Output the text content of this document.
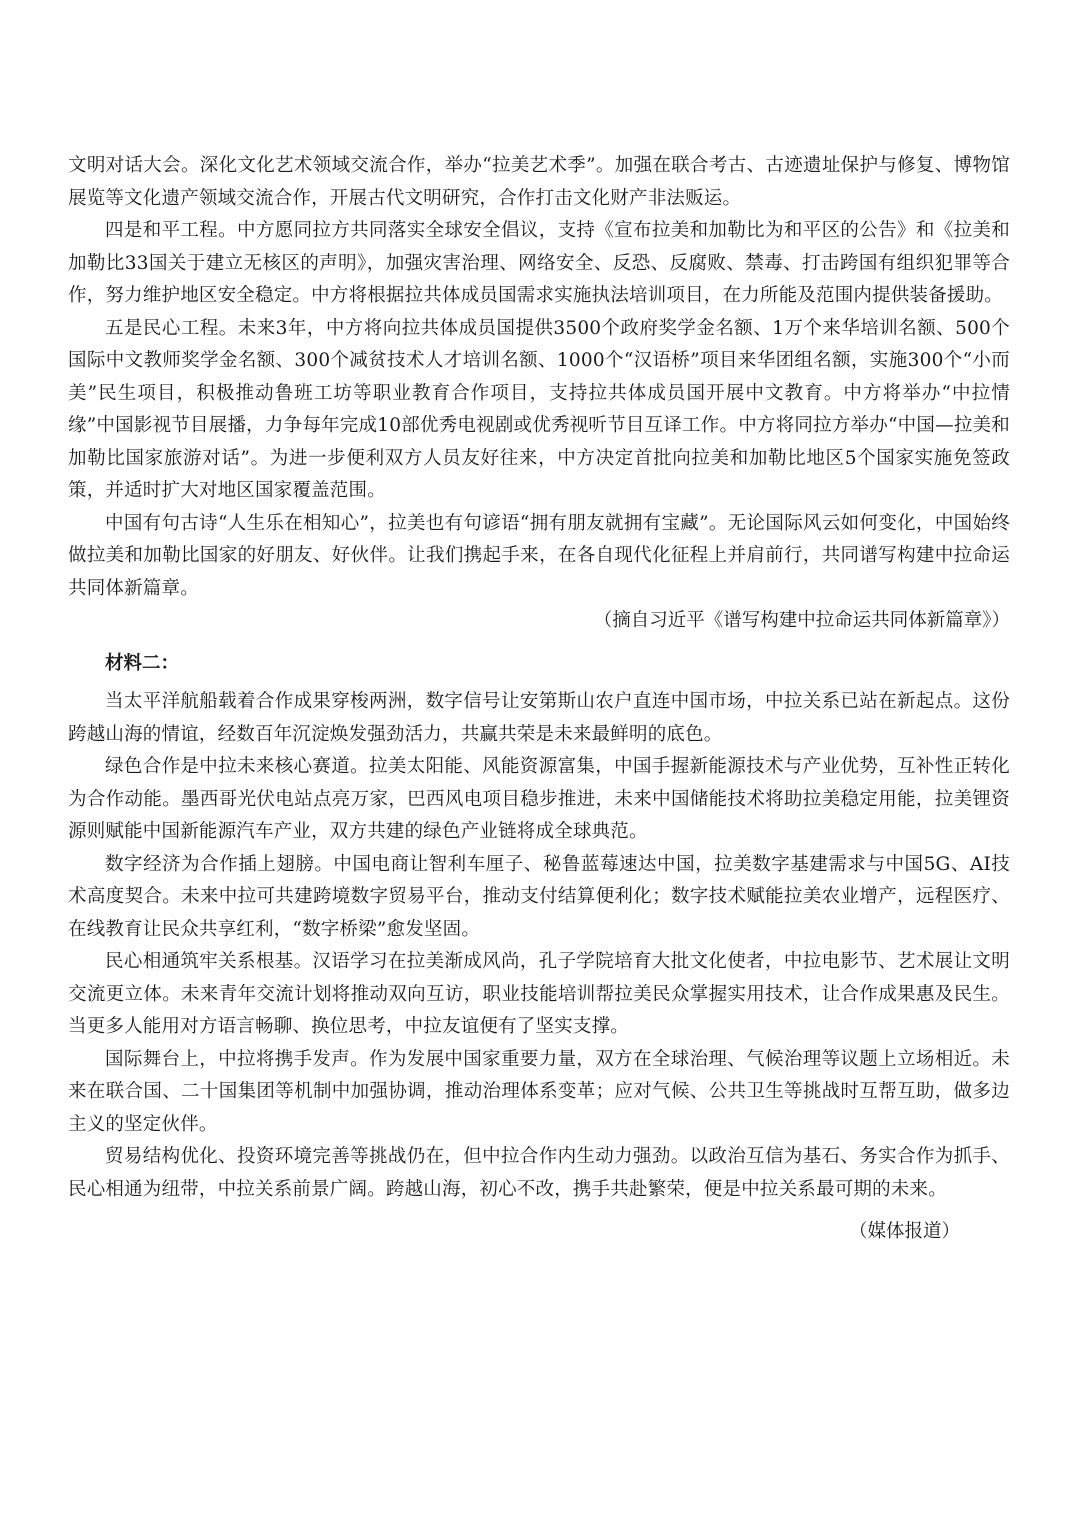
文明对话大会。深化文化艺术领域交流合作，举办“拉美艺术季”。加强在联合考古、古迹遗址保护与修复、博物馆展览等文化遗产领域交流合作，开展古代文明研究，合作打击文化财产非法贩运。

四是和平工程。中方愿同拉方共同落实全球安全倡议，支持《宣布拉美和加勒比为和平区的公告》和《拉美和加勒比33国关于建立无核区的声明》，加强灾害治理、网络安全、反恐、反腐败、禁毒、打击跨国有组织犯罪等合作，努力维护地区安全稳定。中方将根据拉共体成员国需求实施执法培训项目，在力所能及范围内提供装备援助。

五是民心工程。未来3年，中方将向拉共体成员国提供3500个政府奖学金名额、1万个来华培训名额、500个国际中文教师奖学金名额、300个减贫技术人才培训名额、1000个“汉语桥”项目来华团组名额，实施300个“小而美”民生项目，积极推动鲁班工坊等职业教育合作项目，支持拉共体成员国开展中文教育。中方将举办“中拉情缘”中国影视节目展播，力争每年完成10部优秀电视剧或优秀视听节目互译工作。中方将同拉方举办“中国—拉美和加勒比国家旅游对话”。为进一步便利双方人员友好往来，中方决定首批向拉美和加勒比地区5个国家实施免签政策，并适时扩大对地区国家覆盖范围。

中国有句古诗“人生乐在相知心”，拉美也有句谚语“拥有朋友就拥有宝藏”。无论国际风云如何变化，中国始终做拉美和加勒比国家的好朋友、好伙伴。让我们携起手来，在各自现代化征程上并肩前行，共同谱写构建中拉命运共同体新篇章。

（摘自习近平《谱写构建中拉命运共同体新篇章》）

材料二：

当太平洋航船载着合作成果穿梭两洲，数字信号让安第斯山农户直连中国市场，中拉关系已站在新起点。这份跨越山海的情谊，经数百年沉淀焕发强劲活力，共赢共荣是未来最鲜明的底色。

绿色合作是中拉未来核心赛道。拉美太阳能、风能资源富集，中国手握新能源技术与产业优势，互补性正转化为合作动能。墨西哥光伏电站点亮万家，巴西风电项目稳步推进，未来中国储能技术将助拉美稳定用能，拉美锂资源则赋能中国新能源汽车产业，双方共建的绿色产业链将成全球典范。

数字经济为合作插上翅膀。中国电商让智利车厘子、秘鲁蓝莓速达中国，拉美数字基建需求与中国5G、AI技术高度契合。未来中拉可共建跨境数字贸易平台，推动支付结算便利化；数字技术赋能拉美农业增产，远程医疗、在线教育让民众共享红利，“数字桥梁”愈发坚固。

民心相通筑牢关系根基。汉语学习在拉美渐成风尚，孔子学院培育大批文化使者，中拉电影节、艺术展让文明交流更立体。未来青年交流计划将推动双向互访，职业技能培训帮拉美民众掌握实用技术，让合作成果惠及民生。当更多人能用对方语言畅聊、换位思考，中拉友谊便有了坚实支撑。

国际舞台上，中拉将携手发声。作为发展中国家重要力量，双方在全球治理、气候治理等议题上立场相近。未来在联合国、二十国集团等机制中加强协调，推动治理体系变革；应对气候、公共卫生等挑战时互帮互助，做多边主义的坚定伙伴。

贸易结构优化、投资环境完善等挑战仍在，但中拉合作内生动力强劲。以政治互信为基石、务实合作为抓手、民心相通为纽带，中拉关系前景广阔。跨越山海，初心不改，携手共赴繁荣，便是中拉关系最可期的未来。

（媒体报道）
